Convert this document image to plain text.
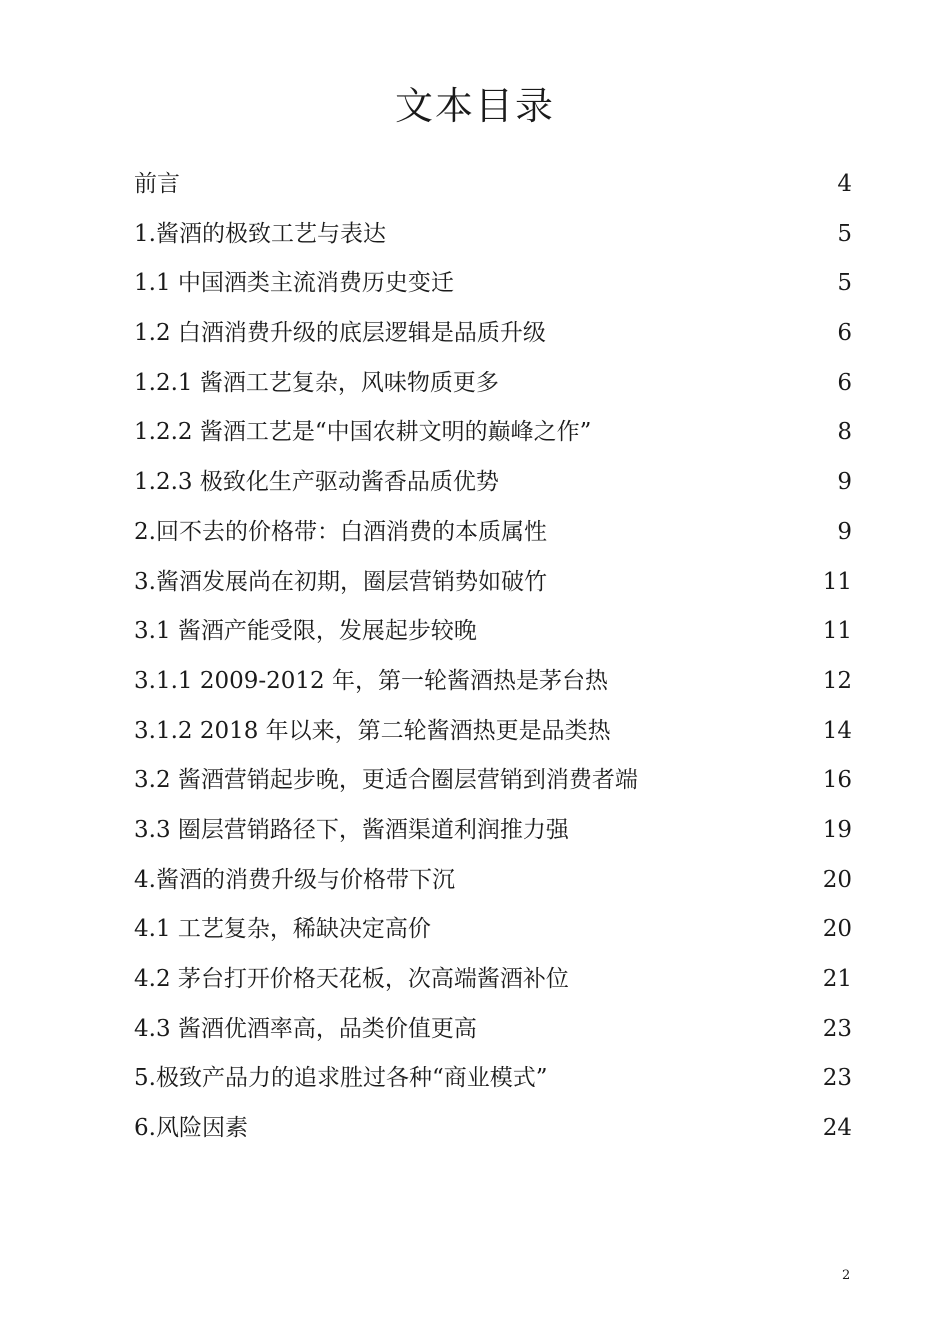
文本目录
前言	4
1.酱酒的极致工艺与表达	5
1.1 中国酒类主流消费历史变迁	5
1.2 白酒消费升级的底层逻辑是品质升级	6
1.2.1 酱酒工艺复杂，风味物质更多	6
1.2.2 酱酒工艺是“中国农耕文明的巅峰之作”	8
1.2.3 极致化生产驱动酱香品质优势	9
2.回不去的价格带：白酒消费的本质属性	9
3.酱酒发展尚在初期，圈层营销势如破竹	11
3.1 酱酒产能受限，发展起步较晚	11
3.1.1 2009-2012 年，第一轮酱酒热是茅台热	12
3.1.2 2018 年以来，第二轮酱酒热更是品类热	14
3.2 酱酒营销起步晚，更适合圈层营销到消费者端	16
3.3 圈层营销路径下，酱酒渠道利润推力强	19
4.酱酒的消费升级与价格带下沉	20
4.1 工艺复杂，稀缺决定高价	20
4.2 茅台打开价格天花板，次高端酱酒补位	21
4.3 酱酒优酒率高，品类价值更高	23
5.极致产品力的追求胜过各种“商业模式”	23
6.风险因素	24
2
